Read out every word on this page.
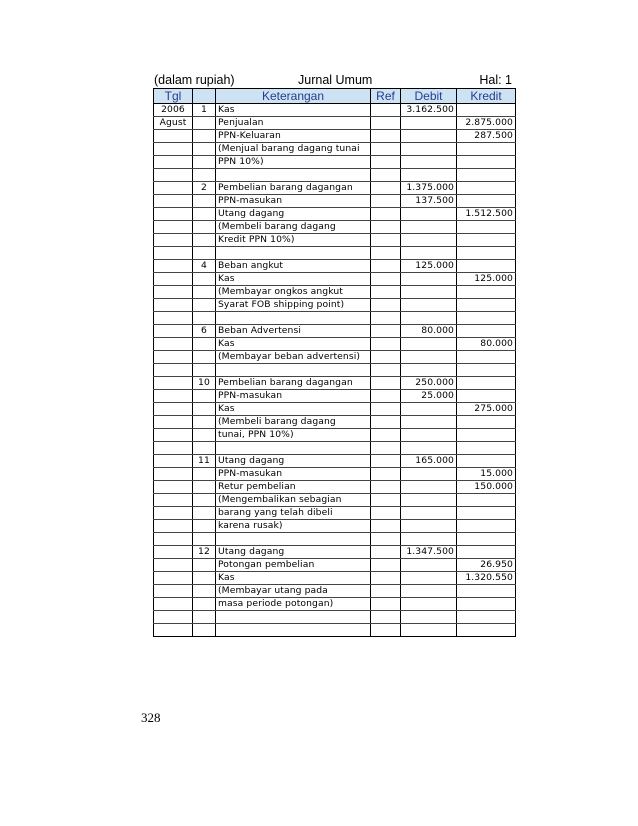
(dalam rupiah)	Jurnal Umum	Hal: 1
Tgl		Keterangan	Ref	Debit	Kredit
2006	1	Kas		3.162.500	
Agust		Penjualan			2.875.000
		PPN-Keluaran			287.500
		(Menjual barang dagang tunai			
		PPN 10%)			

	2	Pembelian barang dagangan		1.375.000	
		PPN-masukan		137.500	
		Utang dagang			1.512.500
		(Membeli barang dagang			
		Kredit PPN 10%)			

	4	Beban angkut		125.000	
		Kas			125.000
		(Membayar ongkos angkut			
		Syarat FOB shipping point)			

	6	Beban Advertensi		80.000	
		Kas			80.000
		(Membayar beban advertensi)			

	10	Pembelian barang dagangan		250.000	
		PPN-masukan		25.000	
		Kas			275.000
		(Membeli barang dagang			
		tunai, PPN 10%)			

	11	Utang dagang		165.000	
		PPN-masukan			15.000
		Retur pembelian			150.000
		(Mengembalikan sebagian			
		barang yang telah dibeli			
		karena rusak)			

	12	Utang dagang		1.347.500	
		Potongan pembelian			26.950
		Kas			1.320.550
		(Membayar utang pada			
		masa periode potongan)			

328
